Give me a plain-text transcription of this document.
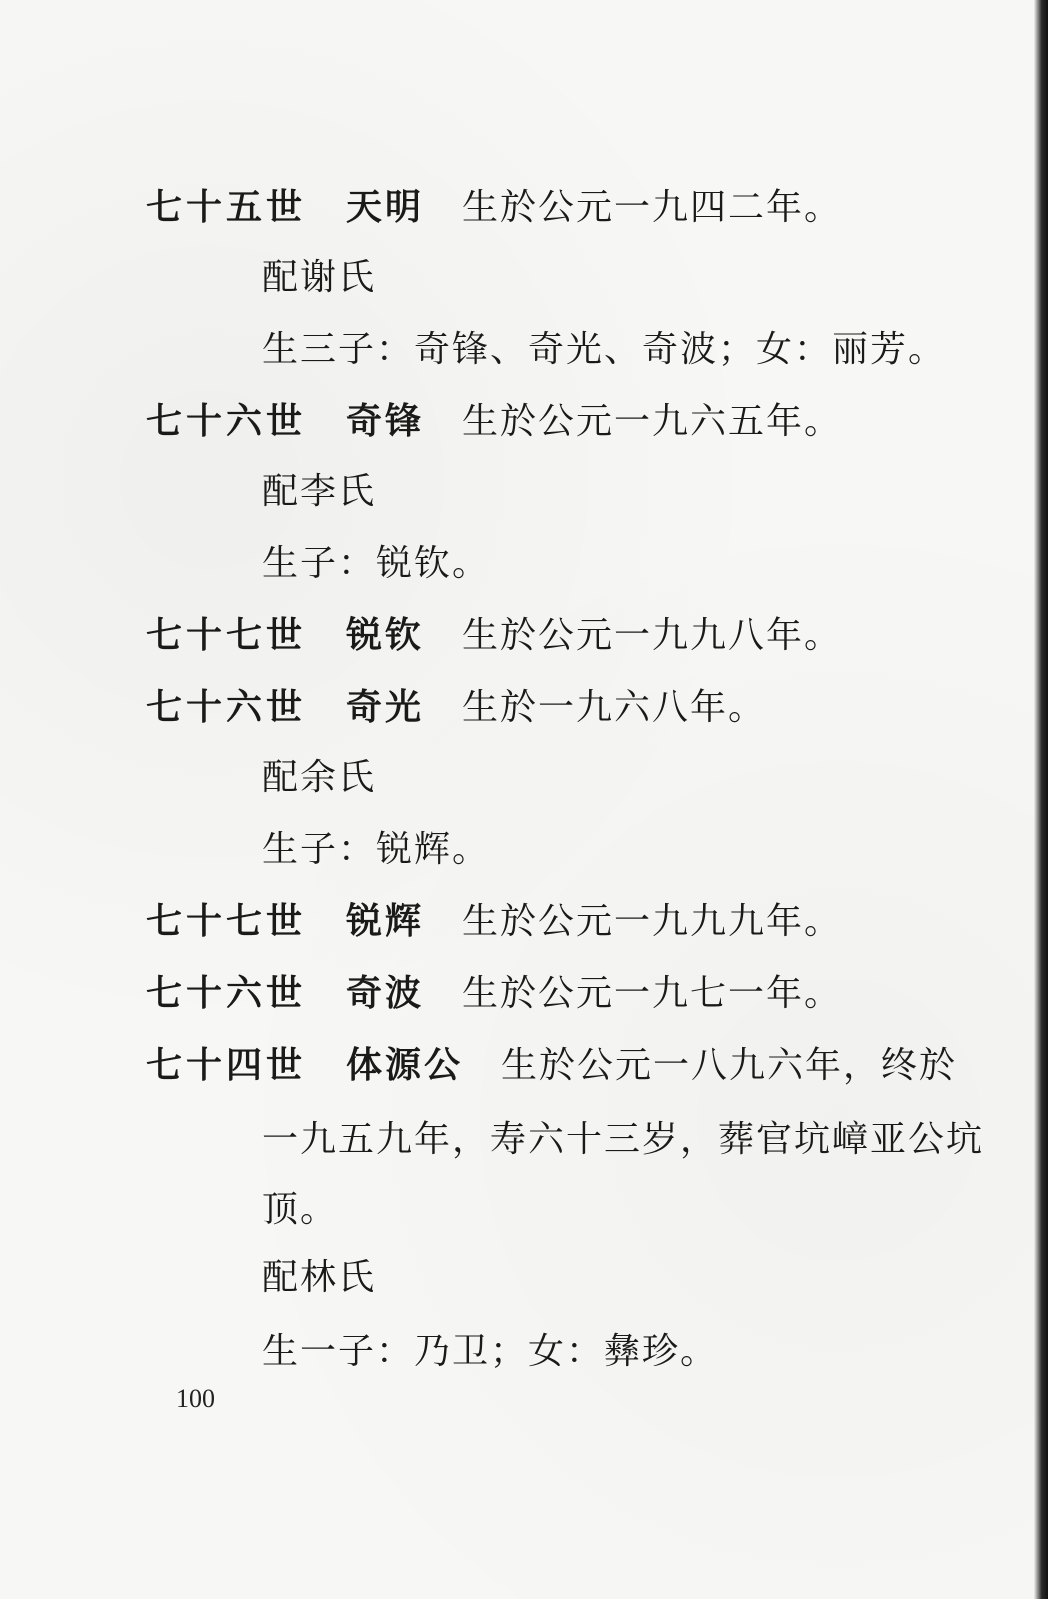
七十五世 天明 生於公元一九四二年。
配谢氏
生三子：奇锋、奇光、奇波；女：丽芳。
七十六世 奇锋 生於公元一九六五年。
配李氏
生子：锐钦。
七十七世 锐钦 生於公元一九九八年。
七十六世 奇光 生於一九六八年。
配余氏
生子：锐辉。
七十七世 锐辉 生於公元一九九九年。
七十六世 奇波 生於公元一九七一年。
七十四世 体源公 生於公元一八九六年，终於
一九五九年，寿六十三岁，葬官坑嶂亚公坑
顶。
配林氏
生一子：乃卫；女：彝珍。
100
